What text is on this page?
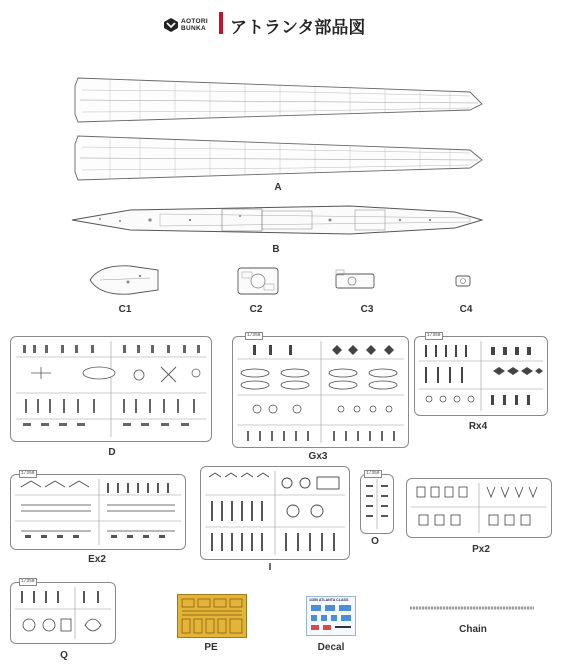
AOTORI
BUNKA アトランタ部品図
A
B
C1	C2	C3	C4
D
1/350
Gx3
1/350
Rx4
1/350
Ex2
I
1/350
O
Px2
1/350
Q
PE
1/350 ATLANTA CLASS
Decal
Chain
